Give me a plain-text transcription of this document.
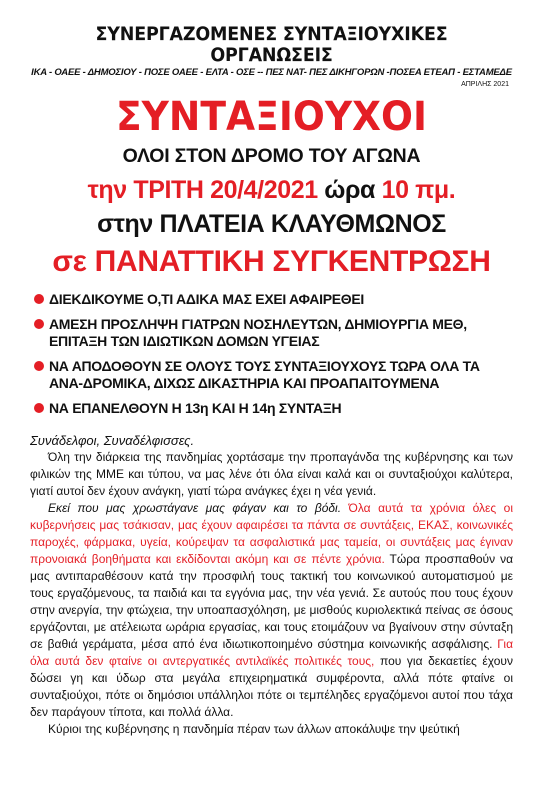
ΣΥΝΕΡΓΑΖΟΜΕΝΕΣ ΣΥΝΤΑΞΙΟΥΧΙΚΕΣ ΟΡΓΑΝΩΣΕΙΣ
ΙΚΑ - ΟΑΕΕ - ΔΗΜΟΣΙΟΥ - ΠΟΣΕ ΟΑΕΕ - ΕΛΤΑ - ΟΣΕ -- ΠΕΣ ΝΑΤ- ΠΕΣ ΔΙΚΗΓΟΡΩΝ -ΠΟΣΕΑ ΕΤΕΑΠ - ΕΣΤΑΜΕΔΕ
ΑΠΡΙΛΗΣ 2021
ΣΥΝΤΑΞΙΟΥΧΟΙ
ΟΛΟΙ ΣΤΟΝ ΔΡΟΜΟ ΤΟΥ ΑΓΩΝΑ
την ΤΡΙΤΗ 20/4/2021 ώρα 10 πμ.
στην ΠΛΑΤΕΙΑ ΚΛΑΥΘΜΩΝΟΣ
σε ΠΑΝΑΤΤΙΚΗ ΣΥΓΚΕΝΤΡΩΣΗ
ΔΙΕΚΔΙΚΟΥΜΕ Ο,ΤΙ ΑΔΙΚΑ ΜΑΣ ΕΧΕΙ ΑΦΑΙΡΕΘΕΙ
ΑΜΕΣΗ ΠΡΟΣΛΗΨΗ ΓΙΑΤΡΩΝ ΝΟΣΗΛΕΥΤΩΝ, ΔΗΜΙΟΥΡΓΙΑ ΜΕΘ, ΕΠΙΤΑΞΗ ΤΩΝ ΙΔΙΩΤΙΚΩΝ ΔΟΜΩΝ ΥΓΕΙΑΣ
ΝΑ ΑΠΟΔΟΘΟΥΝ ΣΕ ΟΛΟΥΣ ΤΟΥΣ ΣΥΝΤΑΞΙΟΥΧΟΥΣ ΤΩΡΑ ΟΛΑ ΤΑ ΑΝΑ-ΔΡΟΜΙΚΑ, ΔΙΧΩΣ ΔΙΚΑΣΤΗΡΙΑ ΚΑΙ ΠΡΟΑΠΑΙΤΟΥΜΕΝΑ
ΝΑ ΕΠΑΝΕΛΘΟΥΝ Η 13η ΚΑΙ Η 14η ΣΥΝΤΑΞΗ
Συνάδελφοι, Συναδέλφισσες.

Όλη την διάρκεια της πανδημίας χορτάσαμε την προπαγάνδα της κυβέρνησης και των φιλικών της ΜΜΕ και τύπου, να μας λένε ότι όλα είναι καλά και οι συνταξιούχοι καλύτερα, γιατί αυτοί δεν έχουν ανάγκη, γιατί τώρα ανάγκες έχει η νέα γενιά.

Εκεί που μας χρωστάγανε μας φάγαν και το βόδι. Όλα αυτά τα χρόνια όλες οι κυβερνήσεις μας τσάκισαν, μας έχουν αφαιρέσει τα πάντα σε συντάξεις, ΕΚΑΣ, κοινωνικές παροχές, φάρμακα, υγεία, κούρεψαν τα ασφαλιστικά μας ταμεία, οι συντάξεις μας έγιναν προνοιακά βοηθήματα και εκδίδονται ακόμη και σε πέντε χρόνια. Τώρα προσπαθούν να μας αντιπαραθέσουν κατά την προσφιλή τους τακτική του κοινωνικού αυτοματισμού με τους εργαζόμενους, τα παιδιά και τα εγγόνια μας, την νέα γενιά. Σε αυτούς που τους έχουν στην ανεργία, την φτώχεια, την υποαπασχόληση, με μισθούς κυριολεκτικά πείνας σε όσους εργάζονται, με ατέλειωτα ωράρια εργασίας, και τους ετοιμάζουν να βγαίνουν στην σύνταξη σε βαθιά γεράματα, μέσα από ένα ιδιωτικοποιημένο σύστημα κοινωνικής ασφάλισης. Για όλα αυτά δεν φταίνε οι αντεργατικές αντιλαϊκές πολιτικές τους, που για δεκαετίες έχουν δώσει γη και ύδωρ στα μεγάλα επιχειρηματικά συμφέροντα, αλλά πότε φταίνε οι συνταξιούχοι, πότε οι δημόσιοι υπάλληλοι πότε οι τεμπέληδες εργαζόμενοι αυτοί που τάχα δεν παράγουν τίποτα, και πολλά άλλα.

Κύριοι της κυβέρνησης η πανδημία πέραν των άλλων αποκάλυψε την ψεύτική
